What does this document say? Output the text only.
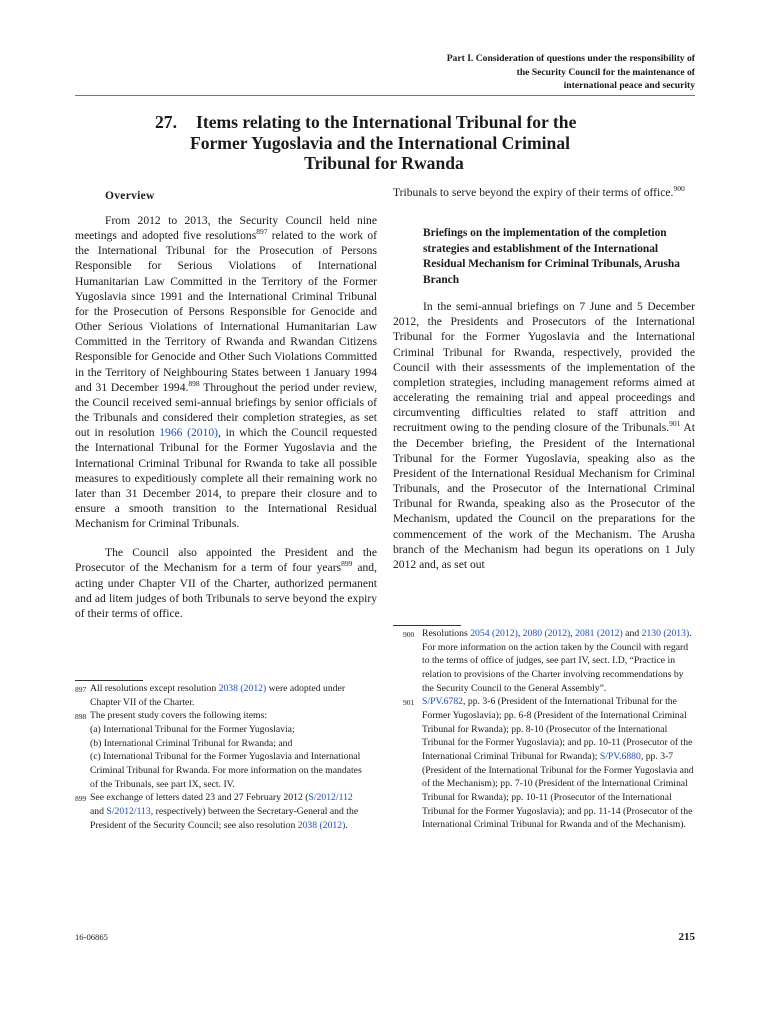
Part I. Consideration of questions under the responsibility of
the Security Council for the maintenance of
international peace and security
27. Items relating to the International Tribunal for the
Former Yugoslavia and the International Criminal
Tribunal for Rwanda
Overview

From 2012 to 2013, the Security Council held nine meetings and adopted five resolutions$^{897}$ related to the work of the International Tribunal for the Prosecution of Persons Responsible for Serious Violations of International Humanitarian Law Committed in the Territory of the Former Yugoslavia since 1991 and the International Criminal Tribunal for the Prosecution of Persons Responsible for Genocide and Other Serious Violations of International Humanitarian Law Committed in the Territory of Rwanda and Rwandan Citizens Responsible for Genocide and Other Such Violations Committed in the Territory of Neighbouring States between 1 January 1994 and 31 December 1994.$^{898}$ Throughout the period under review, the Council received semi-annual briefings by senior officials of the Tribunals and considered their completion strategies, as set out in resolution 1966 (2010), in which the Council requested the International Tribunal for the Former Yugoslavia and the International Criminal Tribunal for Rwanda to take all possible measures to expeditiously complete all their remaining work no later than 31 December 2014, to prepare their closure and to ensure a smooth transition to the International Residual Mechanism for Criminal Tribunals.

The Council also appointed the President and the Prosecutor of the Mechanism for a term of four years$^{899}$ and, acting under Chapter VII of the Charter, authorized permanent and ad litem judges of both Tribunals to serve beyond the expiry of their terms of office.

897 All resolutions except resolution 2038 (2012) were adopted under Chapter VII of the Charter.
898 The present study covers the following items:
(a) International Tribunal for the Former Yugoslavia;
(b) International Criminal Tribunal for Rwanda; and
(c) International Tribunal for the Former Yugoslavia and International Criminal Tribunal for Rwanda. For more information on the mandates of the Tribunals, see part IX, sect. IV.
899 See exchange of letters dated 23 and 27 February 2012 (S/2012/112 and S/2012/113, respectively) between the Secretary-General and the President of the Security Council; see also resolution 2038 (2012).

Tribunals to serve beyond the expiry of their terms of office.$^{900}$

Briefings on the implementation of the completion strategies and establishment of the International Residual Mechanism for Criminal Tribunals, Arusha Branch

In the semi-annual briefings on 7 June and 5 December 2012, the Presidents and Prosecutors of the International Tribunal for the Former Yugoslavia and the International Criminal Tribunal for Rwanda, respectively, provided the Council with their assessments of the implementation of the completion strategies, including management reforms aimed at accelerating the remaining trial and appeal proceedings and circumventing difficulties related to staff attrition and recruitment owing to the pending closure of the Tribunals.$^{901}$ At the December briefing, the President of the International Tribunal for the Former Yugoslavia, speaking also as the President of the International Residual Mechanism for Criminal Tribunals, and the Prosecutor of the International Criminal Tribunal for Rwanda, speaking also as the Prosecutor of the Mechanism, updated the Council on the preparations for the commencement of the work of the Mechanism. The Arusha branch of the Mechanism had begun its operations on 1 July 2012 and, as set out

900 Resolutions 2054 (2012), 2080 (2012), 2081 (2012) and 2130 (2013). For more information on the action taken by the Council with regard to the terms of office of judges, see part IV, sect. I.D, “Practice in relation to provisions of the Charter involving recommendations by the Security Council to the General Assembly”.
901 S/PV.6782, pp. 3-6 (President of the International Tribunal for the Former Yugoslavia); pp. 6-8 (President of the International Criminal Tribunal for Rwanda); pp. 8-10 (Prosecutor of the International Tribunal for the Former Yugoslavia); and pp. 10-11 (Prosecutor of the International Criminal Tribunal for Rwanda); S/PV.6880, pp. 3-7 (President of the International Tribunal for the Former Yugoslavia and of the Mechanism); pp. 7-10 (President of the International Criminal Tribunal for Rwanda); pp. 10-11 (Prosecutor of the International Tribunal for the Former Yugoslavia); and pp. 11-14 (Prosecutor of the International Criminal Tribunal for Rwanda and of the Mechanism).
16-06865	215
